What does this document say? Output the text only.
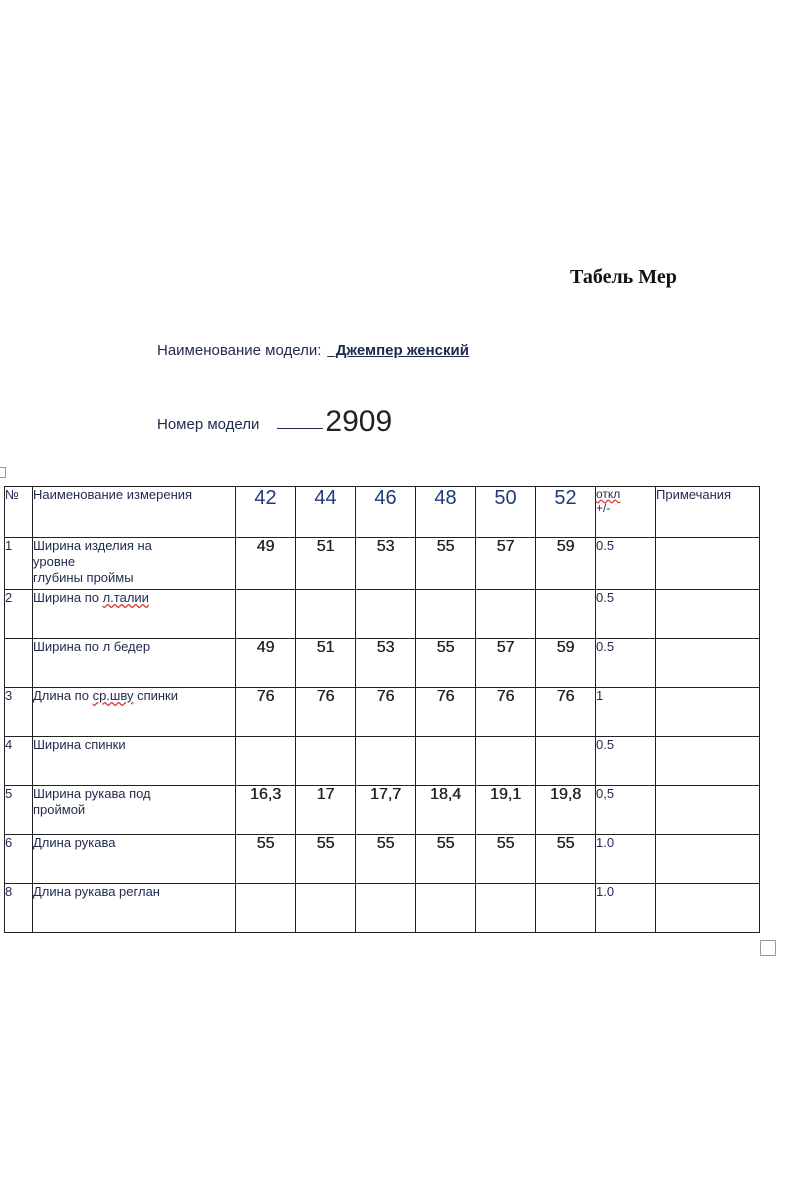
Табель Мер
Наименование модели: _Джемпер женский
Номер модели 2909
№	Наименование измерения	42	44	46	48	50	52	откл
+/-	Примечания
1	Ширина изделия на
уровне
глубины проймы	49	51	53	55	57	59	0.5	
2	Ширина по л.талии							0.5	
	Ширина по л бедер	49	51	53	55	57	59	0.5	
3	Длина по ср.шву спинки	76	76	76	76	76	76	1	
4	Ширина спинки							0.5	
5	Ширина рукава под
проймой	16,3	17	17,7	18,4	19,1	19,8	0,5	
6	Длина рукава	55	55	55	55	55	55	1.0	
8	Длина рукава реглан							1.0	
